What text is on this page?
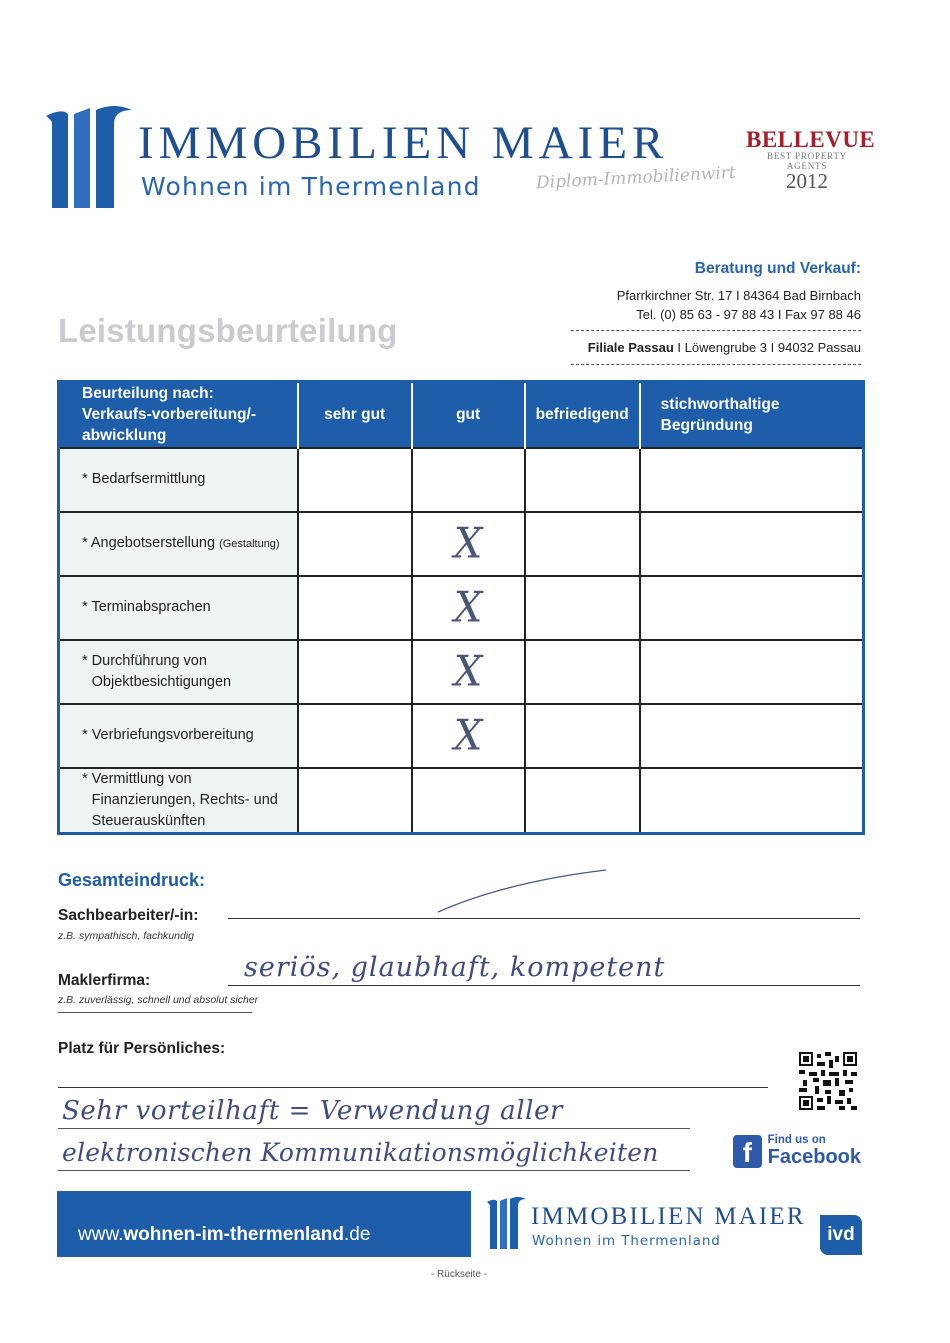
IMMOBILIEN MAIER
Wohnen im Thermenland	Diplom-Immobilienwirt
BELLEVUE
BEST PROPERTY AGENTS
2012
Beratung und Verkauf:
Pfarrkirchner Str. 17 I 84364 Bad Birnbach
Tel. (0) 85 63 - 97 88 43 I Fax 97 88 46
Filiale Passau I Löwengrube 3 I 94032 Passau
Leistungsbeurteilung
Beurteilung nach: Verkaufs-vorbereitung/-abwicklung	sehr gut	gut	befriedigend	stichworthaltige Begründung
* Bedarfsermittlung				
* Angebotserstellung (Gestaltung)		X		
* Terminabsprachen		X		

* Durchführung von Objektbesichtigungen		X		
* Verbriefungsvorbereitung		X		

* Vermittlung von Finanzierungen, Rechts- und Steuerauskünften				

Gesamteindruck:
Sachbearbeiter/-in:
z.B. sympathisch, fachkundig
Maklerfirma:
z.B. zuverlässig, schnell und absolut sicher
seriös, glaubhaft, kompetent
Platz für Persönliches:
Sehr vorteilhaft = Verwendung aller
elektronischen Kommunikationsmöglichkeiten	f	Find us on
Facebook
www.wohnen-im-thermenland.de
IMMOBILIEN MAIER
Wohnen im Thermenland	ivd
- Rückseite -
